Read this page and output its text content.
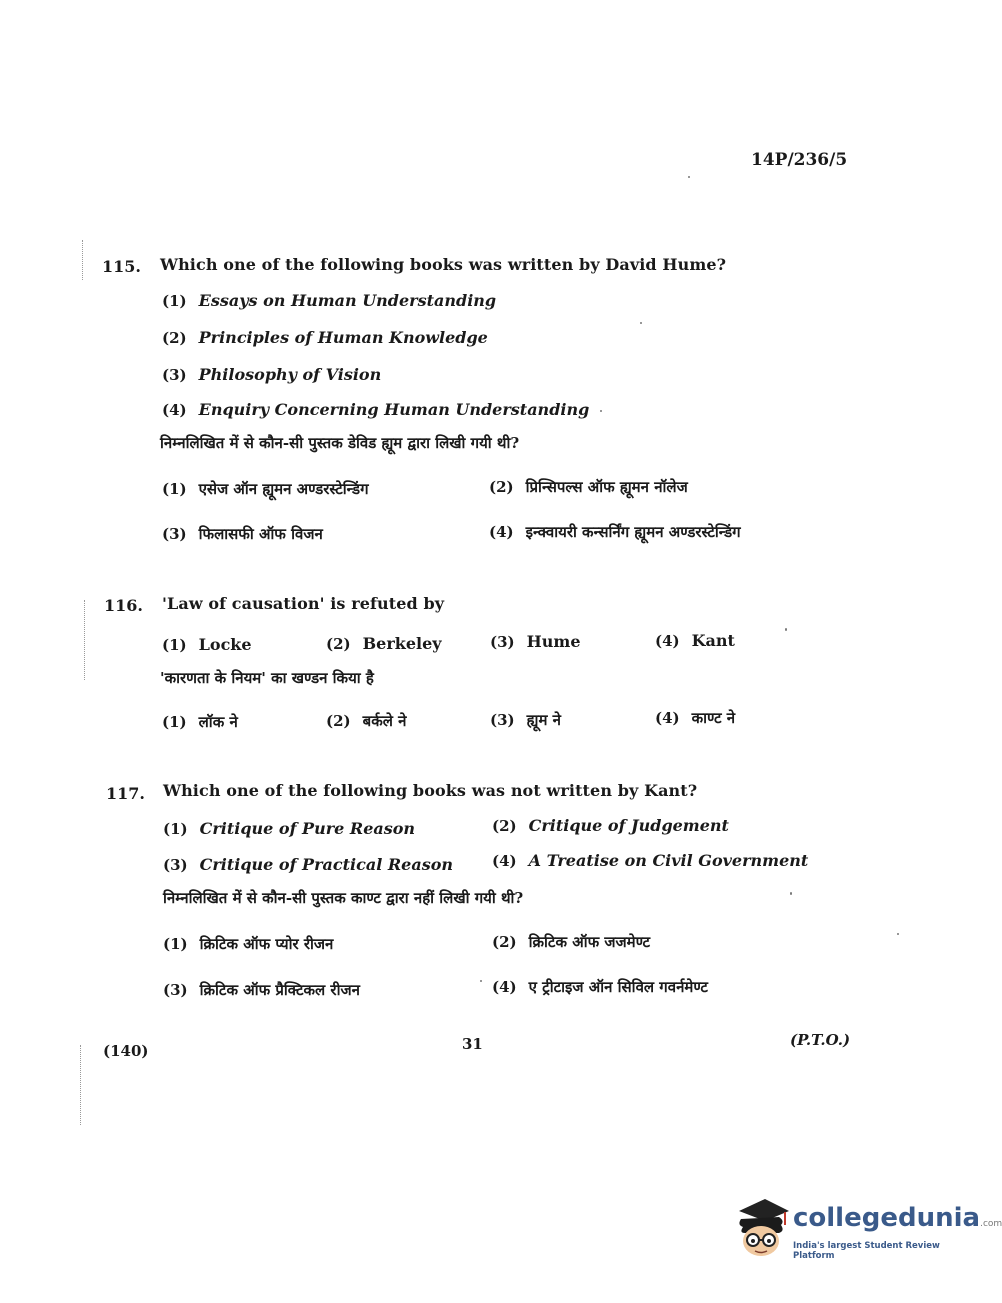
14P/236/5
115. Which one of the following books was written by David Hume?
(1) Essays on Human Understanding
(2) Principles of Human Knowledge
(3) Philosophy of Vision
(4) Enquiry Concerning Human Understanding
निम्नलिखित में से कौन-सी पुस्तक डेविड ह्यूम द्वारा लिखी गयी थी?
(1) एसेज ऑन ह्यूमन अण्डरस्टेन्डिंग	(2) प्रिन्सिपल्स ऑफ ह्यूमन नॉलेज
(3) फिलासफी ऑफ विजन	(4) इन्क्वायरी कन्सर्निंग ह्यूमन अण्डरस्टेन्डिंग
116. 'Law of causation' is refuted by
(1) Locke	(2) Berkeley	(3) Hume	(4) Kant
'कारणता के नियम' का खण्डन किया है
(1) लॉक ने	(2) बर्कले ने	(3) ह्यूम ने	(4) काण्ट ने
117. Which one of the following books was not written by Kant?
(1) Critique of Pure Reason	(2) Critique of Judgement
(3) Critique of Practical Reason	(4) A Treatise on Civil Government
निम्नलिखित में से कौन-सी पुस्तक काण्ट द्वारा नहीं लिखी गयी थी?
(1) क्रिटिक ऑफ प्योर रीजन	(2) क्रिटिक ऑफ जजमेण्ट
(3) क्रिटिक ऑफ प्रैक्टिकल रीजन	(4) ए ट्रीटाइज ऑन सिविल गवर्नमेण्ट
(140)	31	(P.T.O.)
collegedunia.com
India's largest Student Review Platform
